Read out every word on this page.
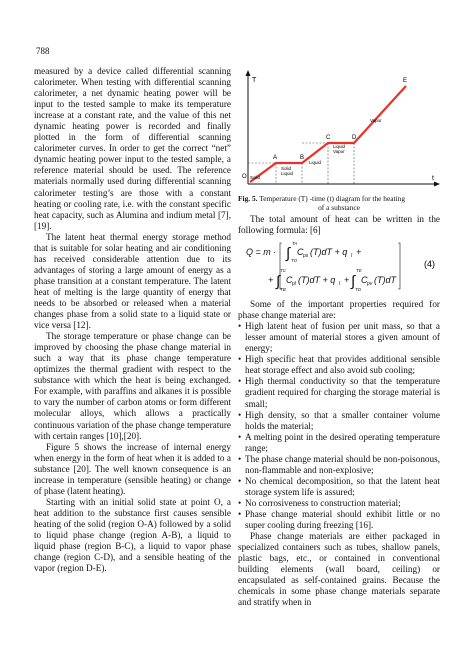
788

measured by a device called differential scanning calorimeter. When testing with differential scanning calorimeter, a net dynamic heating power will be input to the tested sample to make its temperature increase at a constant rate, and the value of this net dynamic heating power is recorded and finally plotted in the form of differential scanning calorimeter curves. In order to get the correct “net” dynamic heating power input to the tested sample, a reference material should be used. The reference materials normally used during differential scanning calorimeter testing’s are those with a constant heating or cooling rate, i.e. with the constant specific heat capacity, such as Alumina and indium metal [7],[19].

The latent heat thermal energy storage method that is suitable for solar heating and air conditioning has received considerable attention due to its advantages of storing a large amount of energy as a phase transition at a constant temperature. The latent heat of melting is the large quantity of energy that needs to be absorbed or released when a material changes phase from a solid state to a liquid state or vice versa [12].

The storage temperature or phase change can be improved by choosing the phase change material in such a way that its phase change temperature optimizes the thermal gradient with respect to the substance with which the heat is being exchanged. For example, with paraffins and alkanes it is possible to vary the number of carbon atoms or form different molecular alloys, which allows a practically continuous variation of the phase change temperature with certain ranges [10],[20].

Figure 5 shows the increase of internal energy when energy in the form of heat when it is added to a substance [20]. The well known consequence is an increase in temperature (sensible heating) or change of phase (latent heating).

Starting with an initial solid state at point O, a heat addition to the substance first causes sensible heating of the solid (region O-A) followed by a solid to liquid phase change (region A-B), a liquid to liquid phase (region B-C), a liquid to vapor phase change (region C-D), and a sensible heating of the vapor (region D-E).

T
t
O
A	B
C	D
E
Solid
Solid Liquid
Liquid
Liquid Vapor
Vapor

Fig. 5. Temperature (T) -time (t) diagram for the heating
of a substance

The total amount of heat can be written in the following formula: [6]

Q = m · ∫
TA
TO
C ps (T)dT + q l +
+ ∫
TC
TB
C pl (T)dT + q l + ∫
TE
TD
C pv (T)dT
(4)

Some of the important properties required for phase change material are:

• High latent heat of fusion per unit mass, so that a lesser amount of material stores a given amount of energy;
• High specific heat that provides additional sensible heat storage effect and also avoid sub cooling;
• High thermal conductivity so that the temperature gradient required for charging the storage material is small;
• High density, so that a smaller container volume holds the material;
• A melting point in the desired operating temperature range;
• The phase change material should be non-poisonous, non-flammable and non-explosive;
• No chemical decomposition, so that the latent heat storage system life is assured;
• No corrosiveness to construction material;
• Phase change material should exhibit little or no super cooling during freezing [16].

Phase change materials are either packaged in specialized containers such as tubes, shallow panels, plastic bags, etc., or contained in conventional building elements (wall board, ceiling) or encapsulated as self-contained grains. Because the chemicals in some phase change materials separate and stratify when in
